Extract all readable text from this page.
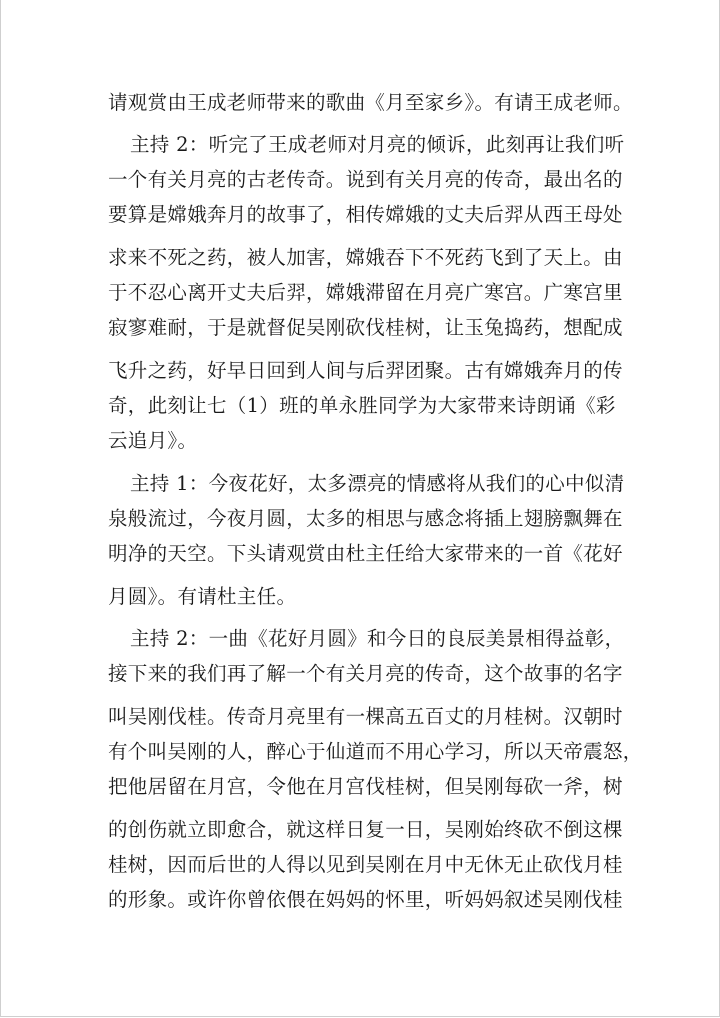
请观赏由王成老师带来的歌曲《月至家乡》。有请王成老师。
主持 2：听完了王成老师对月亮的倾诉，此刻再让我们听
一个有关月亮的古老传奇。说到有关月亮的传奇，最出名的
要算是嫦娥奔月的故事了，相传嫦娥的丈夫后羿从西王母处
求来不死之药，被人加害，嫦娥吞下不死药飞到了天上。由
于不忍心离开丈夫后羿，嫦娥滞留在月亮广寒宫。广寒宫里
寂寥难耐，于是就督促吴刚砍伐桂树，让玉兔捣药，想配成
飞升之药，好早日回到人间与后羿团聚。古有嫦娥奔月的传
奇，此刻让七（1）班的单永胜同学为大家带来诗朗诵《彩
云追月》。
主持 1：今夜花好，太多漂亮的情感将从我们的心中似清
泉般流过，今夜月圆，太多的相思与感念将插上翅膀飘舞在
明净的天空。下头请观赏由杜主任给大家带来的一首《花好
月圆》。有请杜主任。
主持 2：一曲《花好月圆》和今日的良辰美景相得益彰，
接下来的我们再了解一个有关月亮的传奇，这个故事的名字
叫吴刚伐桂。传奇月亮里有一棵高五百丈的月桂树。汉朝时
有个叫吴刚的人，醉心于仙道而不用心学习，所以天帝震怒，
把他居留在月宫，令他在月宫伐桂树，但吴刚每砍一斧，树
的创伤就立即愈合，就这样日复一日，吴刚始终砍不倒这棵
桂树，因而后世的人得以见到吴刚在月中无休无止砍伐月桂
的形象。或许你曾依偎在妈妈的怀里，听妈妈叙述吴刚伐桂
